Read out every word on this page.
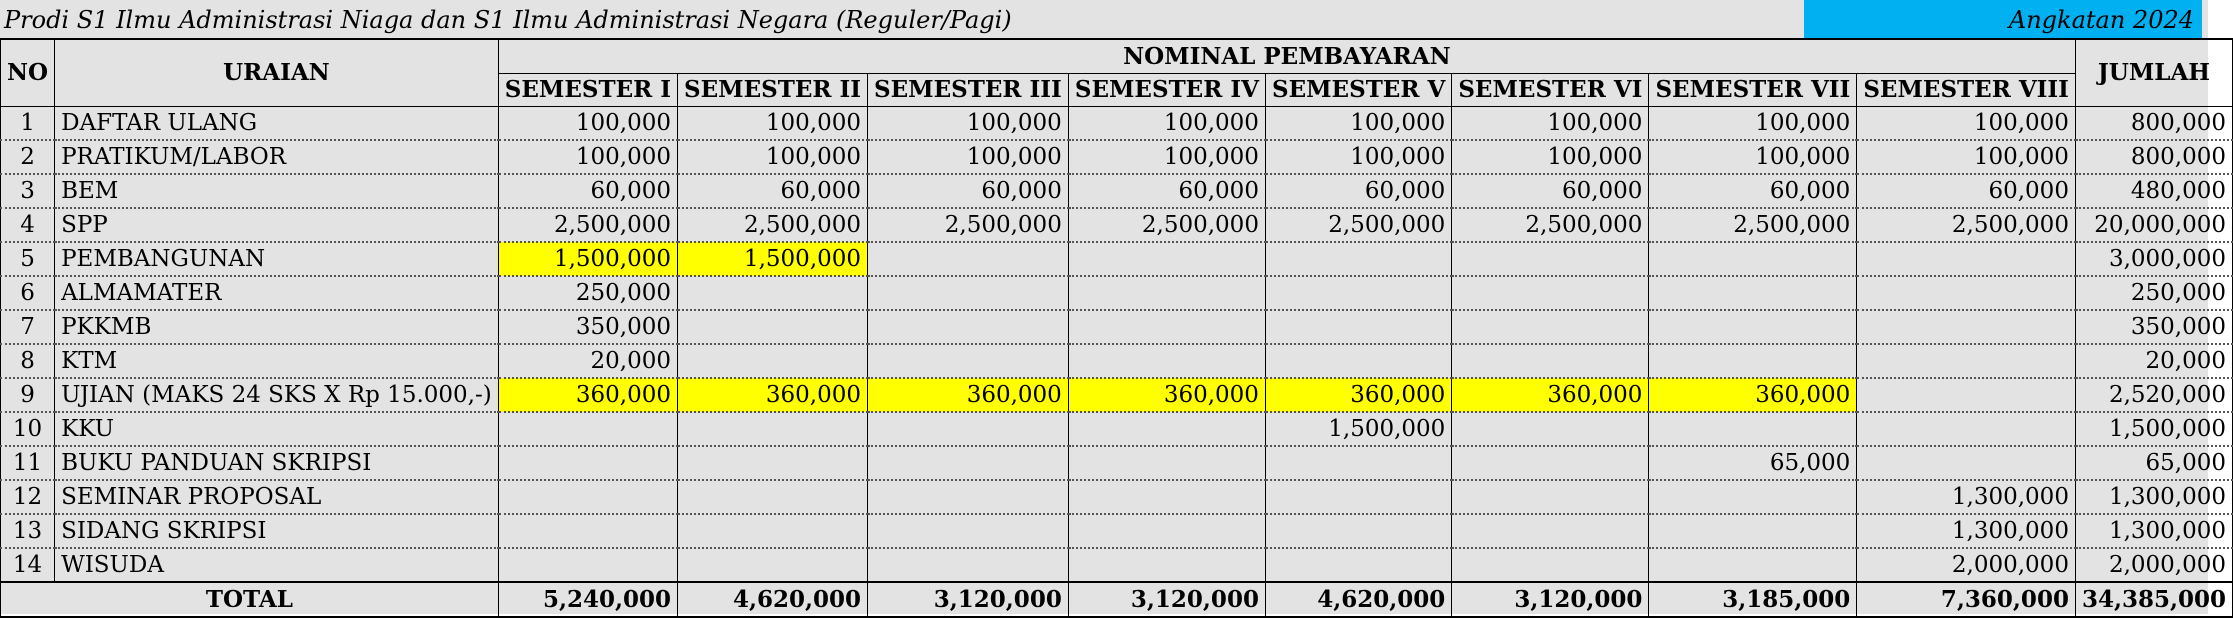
Prodi S1 Ilmu Administrasi Niaga dan S1 Ilmu Administrasi Negara (Reguler/Pagi)	Angkatan 2024
NO	URAIAN	NOMINAL PEMBAYARAN								JUMLAH
		SEMESTER I	SEMESTER II	SEMESTER III	SEMESTER IV	SEMESTER V	SEMESTER VI	SEMESTER VII	SEMESTER VIII	
1	DAFTAR ULANG	100,000	100,000	100,000	100,000	100,000	100,000	100,000	100,000	800,000
2	PRATIKUM/LABOR	100,000	100,000	100,000	100,000	100,000	100,000	100,000	100,000	800,000
3	BEM	60,000	60,000	60,000	60,000	60,000	60,000	60,000	60,000	480,000
4	SPP	2,500,000	2,500,000	2,500,000	2,500,000	2,500,000	2,500,000	2,500,000	2,500,000	20,000,000
5	PEMBANGUNAN	1,500,000	1,500,000							3,000,000
6	ALMAMATER	250,000								250,000
7	PKKMB	350,000								350,000
8	KTM	20,000								20,000
9	UJIAN (MAKS 24 SKS X Rp 15.000,-)	360,000	360,000	360,000	360,000	360,000	360,000	360,000		2,520,000
10	KKU					1,500,000				1,500,000
11	BUKU PANDUAN SKRIPSI							65,000		65,000
12	SEMINAR PROPOSAL								1,300,000	1,300,000
13	SIDANG SKRIPSI								1,300,000	1,300,000
14	WISUDA								2,000,000	2,000,000
TOTAL		5,240,000	4,620,000	3,120,000	3,120,000	4,620,000	3,120,000	3,185,000	7,360,000	34,385,000
